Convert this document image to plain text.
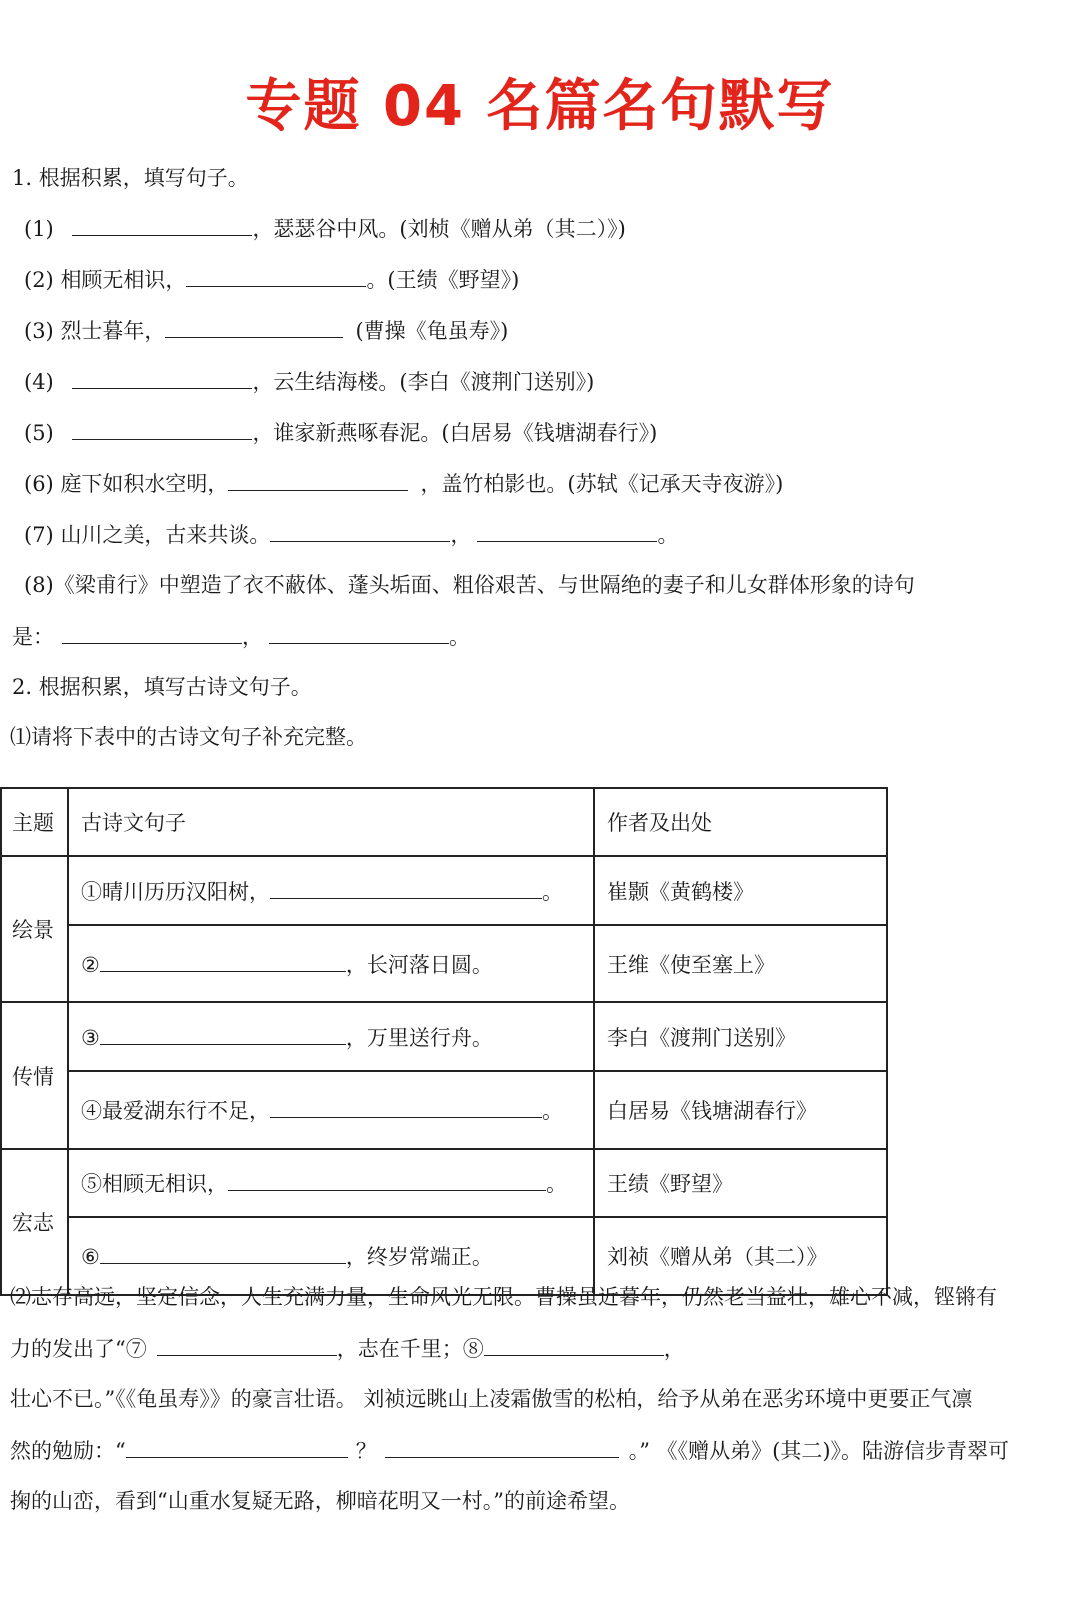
专题 04 名篇名句默写
1. 根据积累，填写句子。
(1)	，瑟瑟谷中风。(刘桢《赠从弟（其二）》)
(2) 相顾无相识，	。(王绩《野望》)
(3) 烈士暮年，	(曹操《龟虽寿》)
(4)	，云生结海楼。(李白《渡荆门送别》)
(5)	，谁家新燕啄春泥。(白居易《钱塘湖春行》)
(6) 庭下如积水空明，	，盖竹柏影也。(苏轼《记承天寺夜游》)
(7) 山川之美，古来共谈。	，	。
(8)《梁甫行》中塑造了衣不蔽体、蓬头垢面、粗俗艰苦、与世隔绝的妻子和儿女群体形象的诗句
是：	，	。
2. 根据积累，填写古诗文句子。
⑴请将下表中的古诗文句子补充完整。
主题	古诗文句子	作者及出处
绘景	①晴川历历汉阳树， 。	崔颢《黄鹤楼》
	② ，长河落日圆。	王维《使至塞上》
传情	③ ，万里送行舟。	李白《渡荆门送别》
	④最爱湖东行不足， 。	白居易《钱塘湖春行》
宏志	⑤相顾无相识， 。	王绩《野望》
	⑥ ，终岁常端正。	刘祯《赠从弟（其二）》
⑵志存高远，坚定信念，人生充满力量，生命风光无限。曹操虽近暮年，仍然老当益壮，雄心不减，铿锵有
力的发出了“⑦	，志在千里；⑧	，
壮心不已。”《《龟虽寿》》的豪言壮语。 刘祯远眺山上凌霜傲雪的松柏，给予从弟在恶劣环境中更要正气凛
然的勉励：“	？	。” 《《赠从弟》(其二)》。陆游信步青翠可
掬的山峦，看到“山重水复疑无路，柳暗花明又一村。”的前途希望。
